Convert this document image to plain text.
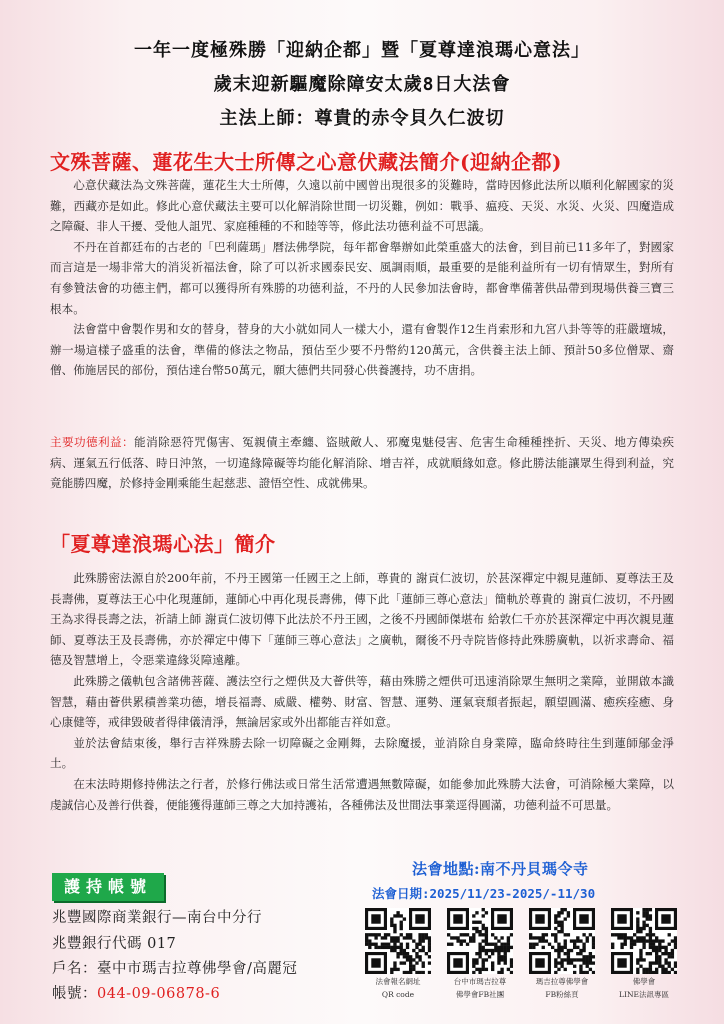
一年一度極殊勝「迎納企都」暨「夏尊達浪瑪心意法」
歲末迎新驅魔除障安太歲8日大法會
主法上師：尊貴的赤令貝久仁波切
文殊菩薩、蓮花生大士所傳之心意伏藏法簡介(迎納企都)

心意伏藏法為文殊菩薩，蓮花生大士所傳，久遠以前中國曾出現很多的災難時，當時因修此法所以順利化解國家的災難，西藏亦是如此。修此心意伏藏法主要可以化解消除世間一切災難，例如：戰爭、瘟疫、天災、水災、火災、四魔造成之障礙、非人干擾、受他人詛咒、家庭種種的不和睦等等，修此法功德利益不可思議。

不丹在首都廷布的古老的「巴利薩瑪」曆法佛學院，每年都會舉辦如此榮重盛大的法會，到目前已11多年了，對國家而言這是一場非常大的消災祈福法會，除了可以祈求國泰民安、風調雨順，最重要的是能利益所有一切有情眾生，對所有有參贊法會的功德主們，都可以獲得所有殊勝的功德利益，不丹的人民參加法會時，都會準備著供品帶到現場供養三寶三根本。

法會當中會製作男和女的替身，替身的大小就如同人一樣大小，還有會製作12生肖索形和九宮八卦等等的莊嚴壇城，辦一場這樣子盛重的法會，準備的修法之物品，預估至少要不丹幣約120萬元，含供養主法上師、預計50多位僧眾、齋僧、佈施居民的部份，預估達台幣50萬元，願大德們共同發心供養護持，功不唐捐。

主要功德利益：能消除惡符咒傷害、冤親債主牽纏、盜賊敵人、邪魔鬼魅侵害、危害生命種種挫折、天災、地方傳染疾病、運氣五行低落、時日沖煞，一切違緣障礙等均能化解消除、增吉祥，成就順緣如意。修此勝法能讓眾生得到利益，究竟能勝四魔，於修持金剛乘能生起慈悲、證悟空性、成就佛果。
「夏尊達浪瑪心法」簡介

此殊勝密法源自於200年前，不丹王國第一任國王之上師，尊貴的 謝貢仁波切，於甚深禪定中親見蓮師、夏尊法王及長壽佛，夏尊法王心中化現蓮師，蓮師心中再化現長壽佛，傳下此「蓮師三尊心意法」簡軌於尊貴的 謝貢仁波切，不丹國王為求得長壽之法，祈請上師 謝貢仁波切傳下此法於不丹王國，之後不丹國師傑堪布 給敦仁千亦於甚深禪定中再次親見蓮師、夏尊法王及長壽佛，亦於禪定中傳下「蓮師三尊心意法」之廣軌，爾後不丹寺院皆修持此殊勝廣軌，以祈求壽命、福德及智慧增上，令惡業違緣災障遠離。

此殊勝之儀軌包含諸佛菩薩、護法空行之煙供及大薈供等，藉由殊勝之煙供可迅速消除眾生無明之業障，並開啟本識智慧，藉由薈供累積善業功德，增長福壽、威嚴、權勢、財富、智慧、運勢、運氣衰頹者振起，願望圓滿、癒疾痊癒、身心康健等，戒律毀破者得律儀清淨，無論居家或外出都能吉祥如意。

並於法會結束後，舉行吉祥殊勝去除一切障礙之金剛舞，去除魔援，並消除自身業障，臨命終時往生到蓮師鄔金淨土。

在末法時期修持佛法之行者，於修行佛法或日常生活常遭遇無數障礙，如能參加此殊勝大法會，可消除極大業障，以虔誠信心及善行供養，便能獲得蓮師三尊之大加持護祐，各種佛法及世間法事業逕得圓滿，功德利益不可思量。

護持帳號
兆豐國際商業銀行—南台中分行
兆豐銀行代碼 017
戶名：臺中市瑪吉拉尊佛學會/高麗冠
帳號：044-09-06878-6
法會地點:南不丹貝瑪令寺
法會日期:2025/11/23-2025/-11/30
法會報名網址
QR code
台中市瑪吉拉尊
佛學會FB社團
瑪吉拉尊佛學會
FB粉絲頁
佛學會
LINE法訊專區
